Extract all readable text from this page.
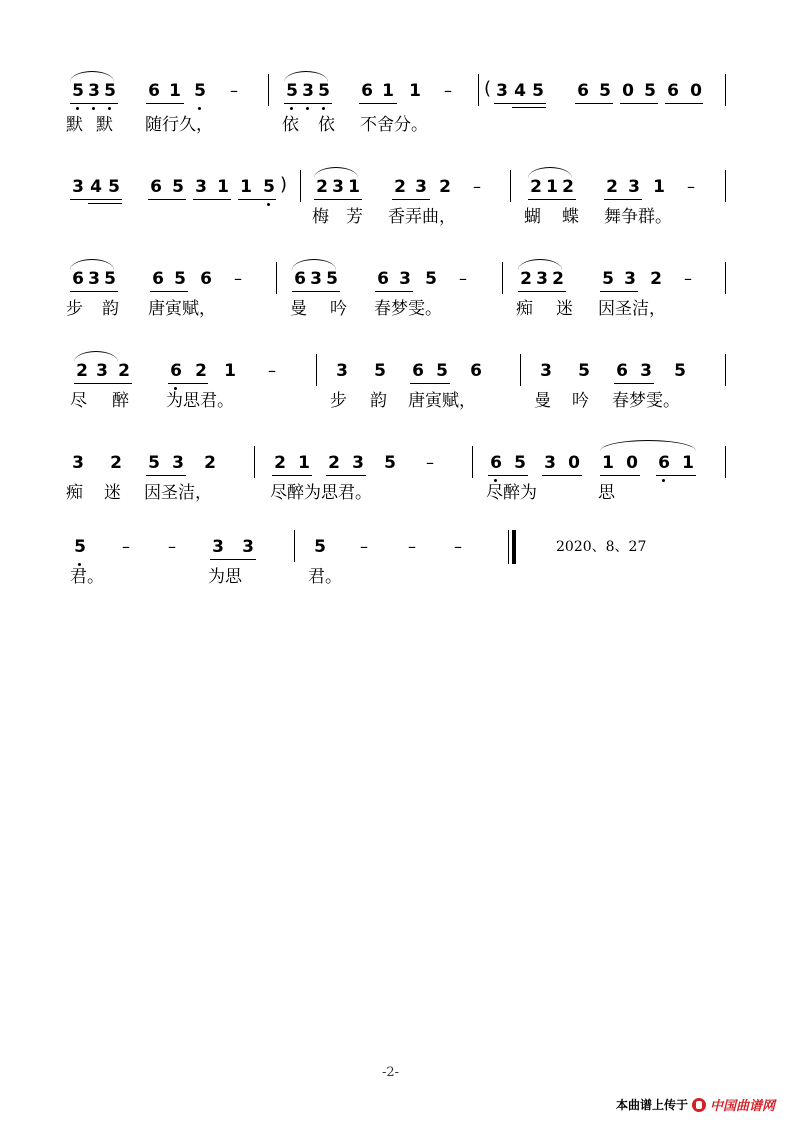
5 3 5 6 1 5 –	5 3 5 6 1 1 – ( 3 4 5 6 5 0 5 6 0
默 默 随行久，	依 依 不舍分。
3 4 5 6 5 3 1 1 5 ) 2 3 1 2 3 2 –	2 1 2 2 3 1 –
梅 芳 香弄曲，	蝴 蝶 舞争群。
6 3 5 6 5 6 –	6 3 5 6 3 5 –	2 3 2 5 3 2 –
步 韵 唐寅赋，	曼 吟 春梦雯。	痴 迷 因圣洁，
2 3 2 6 2 1 –	3 5 6 5 6	3 5 6 3 5
尽 醉 为思君。	步 韵 唐寅赋，	曼 吟 春梦雯。
3 2 5 3 2	2 1 2 3 5 –	6 5 3 0 1 0 6 1
痴 迷 因圣洁，	尽醉为思君。	尽醉为	思
5 – – 3 3	5 –	– –	2020、8、27
君。	为思	君。
-2-
本曲谱上传于 中国曲谱网
